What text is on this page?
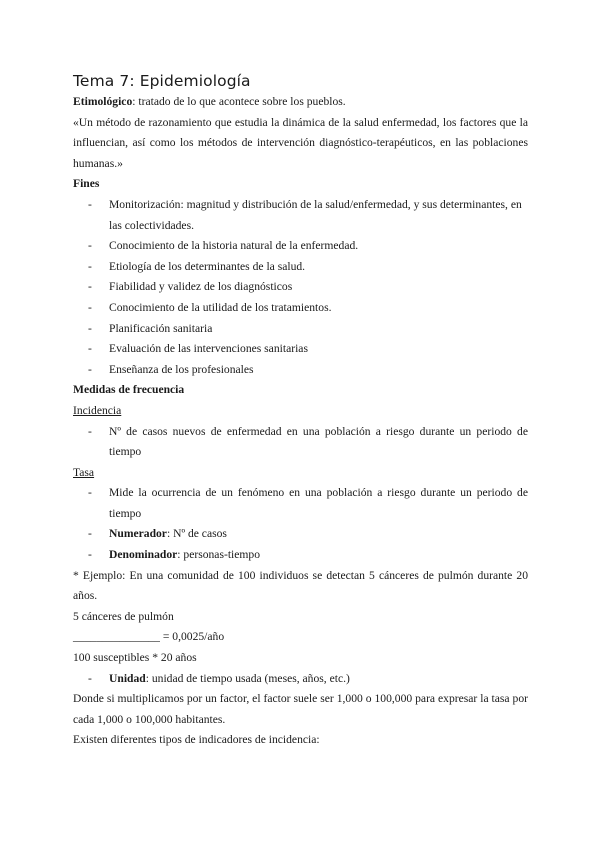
Tema 7: Epidemiología

Etimológico: tratado de lo que acontece sobre los pueblos.

«Un método de razonamiento que estudia la dinámica de la salud enfermedad, los factores que la influencian, así como los métodos de intervención diagnóstico-terapéuticos, en las poblaciones humanas.»

Fines

- Monitorización: magnitud y distribución de la salud/enfermedad, y sus determinantes, en las colectividades.
- Conocimiento de la historia natural de la enfermedad.
- Etiología de los determinantes de la salud.
- Fiabilidad y validez de los diagnósticos
- Conocimiento de la utilidad de los tratamientos.
- Planificación sanitaria
- Evaluación de las intervenciones sanitarias
- Enseñanza de los profesionales

Medidas de frecuencia

Incidencia

- Nº de casos nuevos de enfermedad en una población a riesgo durante un periodo de tiempo

Tasa

- Mide la ocurrencia de un fenómeno en una población a riesgo durante un periodo de tiempo
- Numerador: Nº de casos
- Denominador: personas-tiempo

* Ejemplo: En una comunidad de 100 individuos se detectan 5 cánceres de pulmón durante 20 años.

5 cánceres de pulmón

_______________ = 0,0025/año

100 susceptibles * 20 años

- Unidad: unidad de tiempo usada (meses, años, etc.)

Donde si multiplicamos por un factor, el factor suele ser 1,000 o 100,000 para expresar la tasa por cada 1,000 o 100,000 habitantes.

Existen diferentes tipos de indicadores de incidencia:
